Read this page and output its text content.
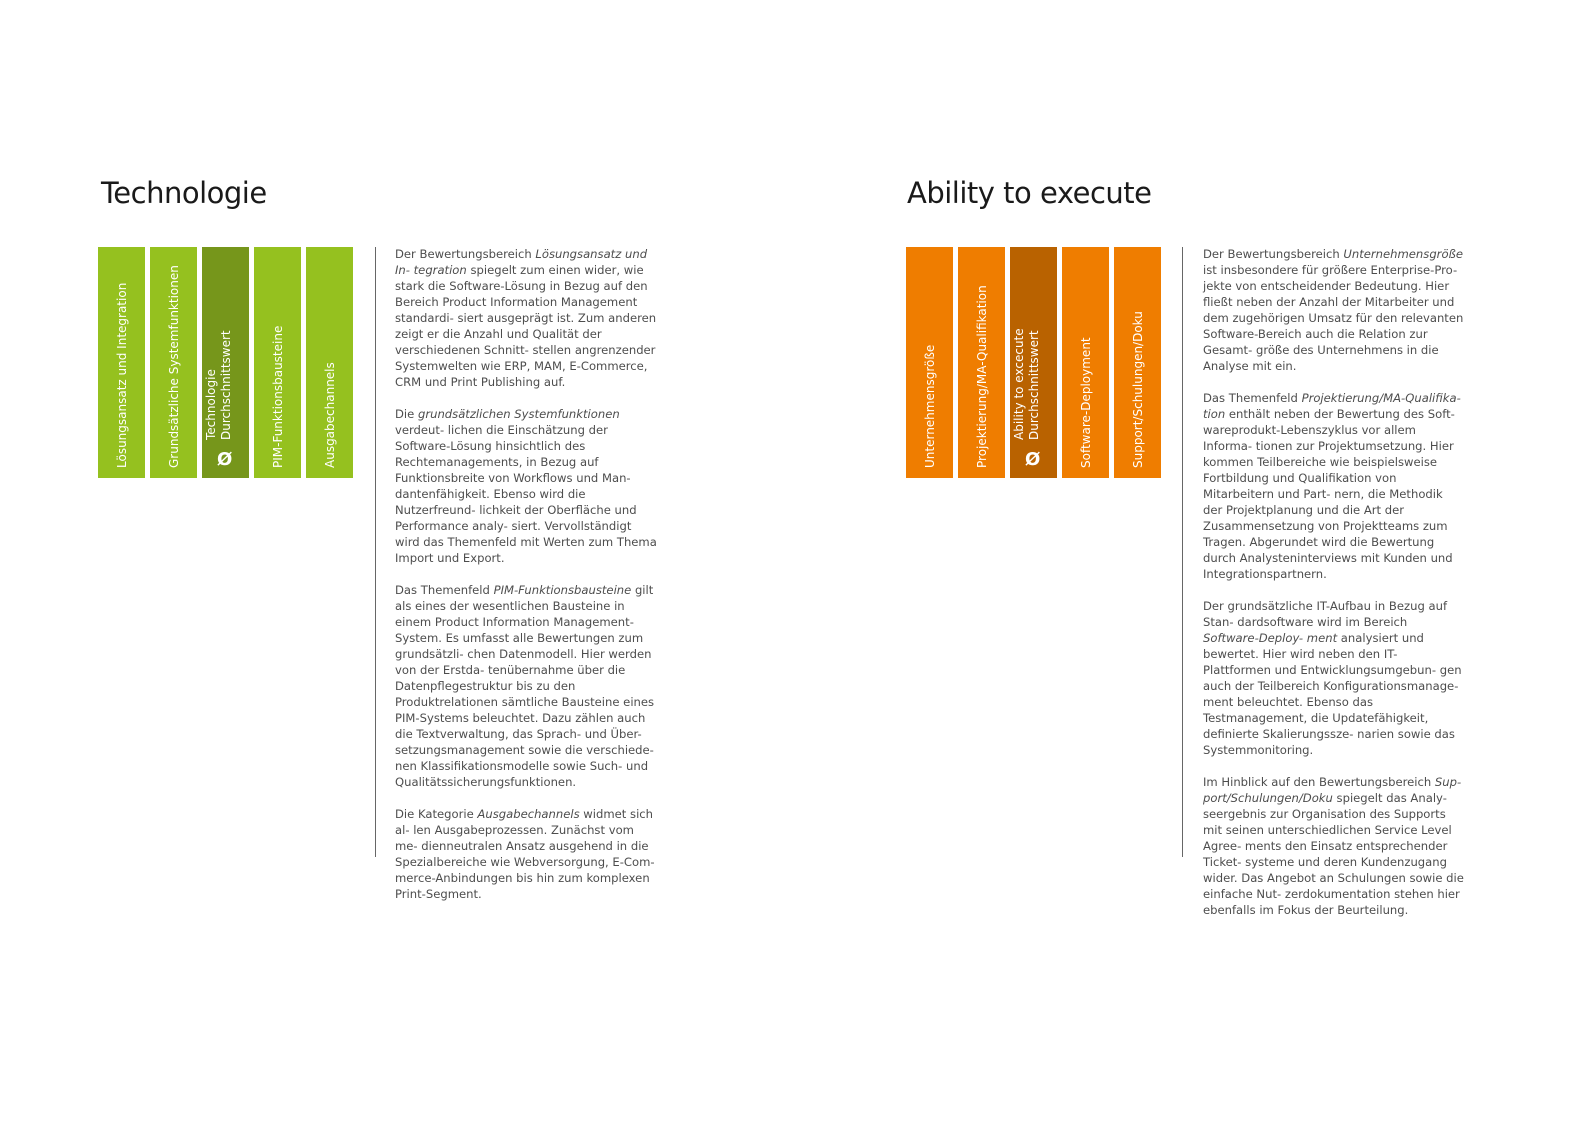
Technologie
Lösungsansatz und Integration	Grundsätzliche Systemfunktionen Technologie
Durchschnittswert
Ø	PIM-Funktionsbausteine	Ausgabechannels

Der Bewertungsbereich Lösungsansatz und In- tegration spiegelt zum einen wider, wie stark die Software-Lösung in Bezug auf den Bereich Product Information Management standardi- siert ausgeprägt ist. Zum anderen zeigt er die Anzahl und Qualität der verschiedenen Schnitt- stellen angrenzender Systemwelten wie ERP, MAM, E-Commerce, CRM und Print Publishing auf.

Die grundsätzlichen Systemfunktionen verdeut- lichen die Einschätzung der Software-Lösung hinsichtlich des Rechtemanagements, in Bezug auf Funktionsbreite von Workflows und Man- dantenfähigkeit. Ebenso wird die Nutzerfreund- lichkeit der Oberfläche und Performance analy- siert. Vervollständigt wird das Themenfeld mit Werten zum Thema Import und Export.

Das Themenfeld PIM-Funktionsbausteine gilt als eines der wesentlichen Bausteine in einem Product Information Management-System. Es umfasst alle Bewertungen zum grundsätzli- chen Datenmodell. Hier werden von der Erstda- tenübernahme über die Datenpflegestruktur bis zu den Produktrelationen sämtliche Bausteine eines PIM-Systems beleuchtet. Dazu zählen auch die Textverwaltung, das Sprach- und Über- setzungsmanagement sowie die verschiede- nen Klassifikationsmodelle sowie Such- und Qualitätssicherungsfunktionen.

Die Kategorie Ausgabechannels widmet sich al- len Ausgabeprozessen. Zunächst vom me- dienneutralen Ansatz ausgehend in die Spezialbereiche wie Webversorgung, E-Com- merce-Anbindungen bis hin zum komplexen Print-Segment.

Ability to execute
Unternehmensgröße	Projektierung/MA-Qualifikation Ability to excecute
Durchschnittswert
Ø	Software-Deployment	Support/Schulungen/Doku

Der Bewertungsbereich Unternehmensgröße ist insbesondere für größere Enterprise-Pro- jekte von entscheidender Bedeutung. Hier fließt neben der Anzahl der Mitarbeiter und dem zugehörigen Umsatz für den relevanten Software-Bereich auch die Relation zur Gesamt- größe des Unternehmens in die Analyse mit ein.

Das Themenfeld Projektierung/MA-Qualifika- tion enthält neben der Bewertung des Soft- wareprodukt-Lebenszyklus vor allem Informa- tionen zur Projektumsetzung. Hier kommen Teilbereiche wie beispielsweise Fortbildung und Qualifikation von Mitarbeitern und Part- nern, die Methodik der Projektplanung und die Art der Zusammensetzung von Projektteams zum Tragen. Abgerundet wird die Bewertung durch Analysteninterviews mit Kunden und Integrationspartnern.

Der grundsätzliche IT-Aufbau in Bezug auf Stan- dardsoftware wird im Bereich Software-Deploy- ment analysiert und bewertet. Hier wird neben den IT-Plattformen und Entwicklungsumgebun- gen auch der Teilbereich Konfigurationsmanage- ment beleuchtet. Ebenso das Testmanagement, die Updatefähigkeit, definierte Skalierungssze- narien sowie das Systemmonitoring.

Im Hinblick auf den Bewertungsbereich Sup- port/Schulungen/Doku spiegelt das Analy- seergebnis zur Organisation des Supports mit seinen unterschiedlichen Service Level Agree- ments den Einsatz entsprechender Ticket- systeme und deren Kundenzugang wider. Das Angebot an Schulungen sowie die einfache Nut- zerdokumentation stehen hier ebenfalls im Fokus der Beurteilung.
